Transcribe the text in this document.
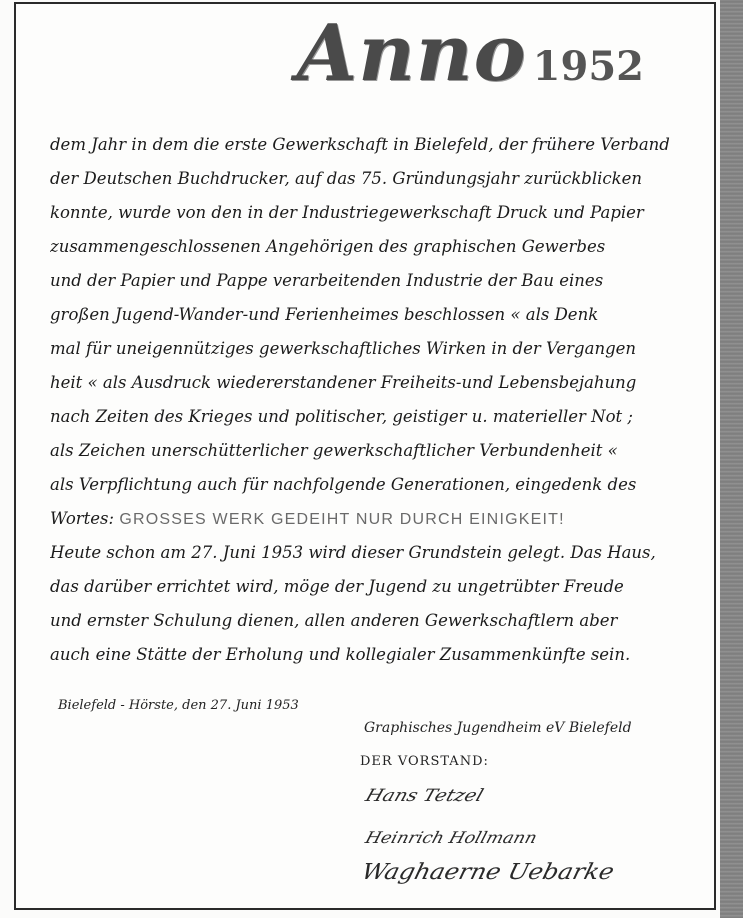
Anno 1952
dem Jahr in dem die erste Gewerkschaft in Bielefeld, der frühere Verband
der Deutschen Buchdrucker, auf das 75. Gründungsjahr zurückblicken
konnte, wurde von den in der Industriegewerkschaft Druck und Papier
zusammengeschlossenen Angehörigen des graphischen Gewerbes
und der Papier und Pappe verarbeitenden Industrie der Bau eines
großen Jugend-Wander-und Ferienheimes beschlossen « als Denk
mal für uneigennütziges gewerkschaftliches Wirken in der Vergangen
heit « als Ausdruck wiedererstandener Freiheits-und Lebensbejahung
nach Zeiten des Krieges und politischer, geistiger u. materieller Not ;
als Zeichen unerschütterlicher gewerkschaftlicher Verbundenheit «
als Verpflichtung auch für nachfolgende Generationen, eingedenk des
Wortes: GROSSES WERK GEDEIHT NUR DURCH EINIGKEIT!
Heute schon am 27. Juni 1953 wird dieser Grundstein gelegt. Das Haus,
das darüber errichtet wird, möge der Jugend zu ungetrübter Freude
und ernster Schulung dienen, allen anderen Gewerkschaftlern aber
auch eine Stätte der Erholung und kollegialer Zusammenkünfte sein.
Bielefeld - Hörste, den 27. Juni 1953
Graphisches Jugendheim eV Bielefeld
DER VORSTAND:
Hans Tetzel
Heinrich Hollmann
Waghaerne Uebarke
